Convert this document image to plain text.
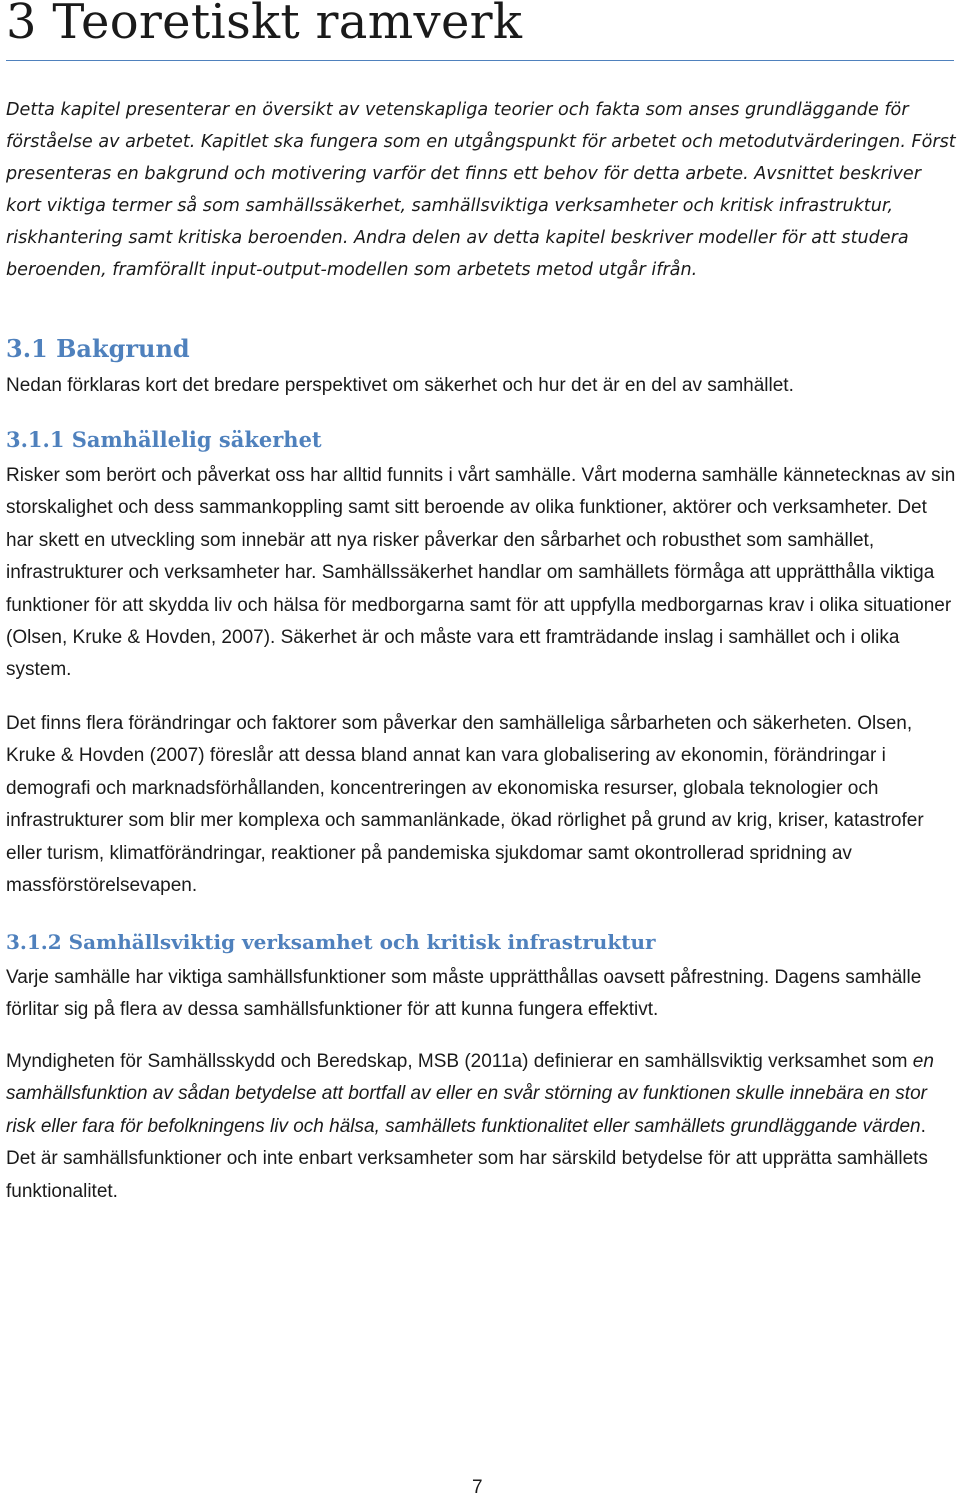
3 Teoretiskt ramverk

Detta kapitel presenterar en översikt av vetenskapliga teorier och fakta som anses grundläggande för förståelse av arbetet. Kapitlet ska fungera som en utgångspunkt för arbetet och metodutvärderingen. Först presenteras en bakgrund och motivering varför det finns ett behov för detta arbete. Avsnittet beskriver kort viktiga termer så som samhällssäkerhet, samhällsviktiga verksamheter och kritisk infrastruktur, riskhantering samt kritiska beroenden. Andra delen av detta kapitel beskriver modeller för att studera beroenden, framförallt input-output-modellen som arbetets metod utgår ifrån.

3.1 Bakgrund

Nedan förklaras kort det bredare perspektivet om säkerhet och hur det är en del av samhället.

3.1.1 Samhällelig säkerhet

Risker som berört och påverkat oss har alltid funnits i vårt samhälle. Vårt moderna samhälle kännetecknas av sin storskalighet och dess sammankoppling samt sitt beroende av olika funktioner, aktörer och verksamheter. Det har skett en utveckling som innebär att nya risker påverkar den sårbarhet och robusthet som samhället, infrastrukturer och verksamheter har. Samhällssäkerhet handlar om samhällets förmåga att upprätthålla viktiga funktioner för att skydda liv och hälsa för medborgarna samt för att uppfylla medborgarnas krav i olika situationer (Olsen, Kruke & Hovden, 2007). Säkerhet är och måste vara ett framträdande inslag i samhället och i olika system.

Det finns flera förändringar och faktorer som påverkar den samhälleliga sårbarheten och säkerheten. Olsen, Kruke & Hovden (2007) föreslår att dessa bland annat kan vara globalisering av ekonomin, förändringar i demografi och marknadsförhållanden, koncentreringen av ekonomiska resurser, globala teknologier och infrastrukturer som blir mer komplexa och sammanlänkade, ökad rörlighet på grund av krig, kriser, katastrofer eller turism, klimatförändringar, reaktioner på pandemiska sjukdomar samt okontrollerad spridning av massförstörelsevapen.

3.1.2 Samhällsviktig verksamhet och kritisk infrastruktur

Varje samhälle har viktiga samhällsfunktioner som måste upprätthållas oavsett påfrestning. Dagens samhälle förlitar sig på flera av dessa samhällsfunktioner för att kunna fungera effektivt.

Myndigheten för Samhällsskydd och Beredskap, MSB (2011a) definierar en samhällsviktig verksamhet som en samhällsfunktion av sådan betydelse att bortfall av eller en svår störning av funktionen skulle innebära en stor risk eller fara för befolkningens liv och hälsa, samhällets funktionalitet eller samhällets grundläggande värden. Det är samhällsfunktioner och inte enbart verksamheter som har särskild betydelse för att upprätta samhällets funktionalitet.

7
